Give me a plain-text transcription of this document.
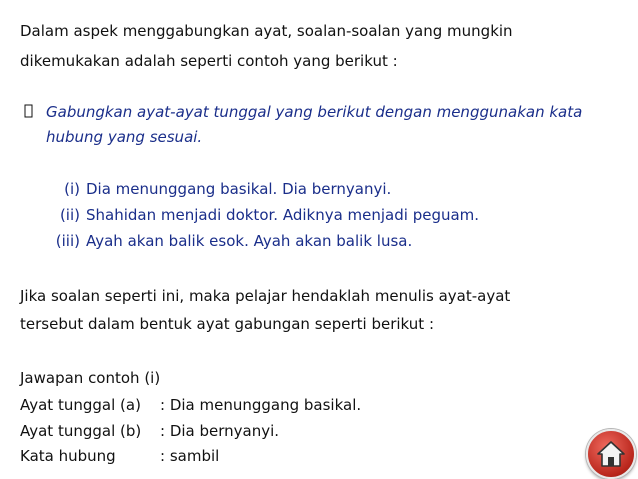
Dalam aspek menggabungkan ayat, soalan-soalan yang mungkin
dikemukakan adalah seperti contoh yang berikut :
Gabungkan ayat-ayat tunggal yang berikut dengan menggunakan kata
hubung yang sesuai.
(i) Dia menunggang basikal. Dia bernyanyi.
(ii) Shahidan menjadi doktor. Adiknya menjadi peguam.
(iii) Ayah akan balik esok. Ayah akan balik lusa.
Jika soalan seperti ini, maka pelajar hendaklah menulis ayat-ayat
tersebut dalam bentuk ayat gabungan seperti berikut :
Jawapan contoh (i)
Ayat tunggal (a) : Dia menunggang basikal.
Ayat tunggal (b) : Dia bernyanyi.
Kata hubung	: sambil
